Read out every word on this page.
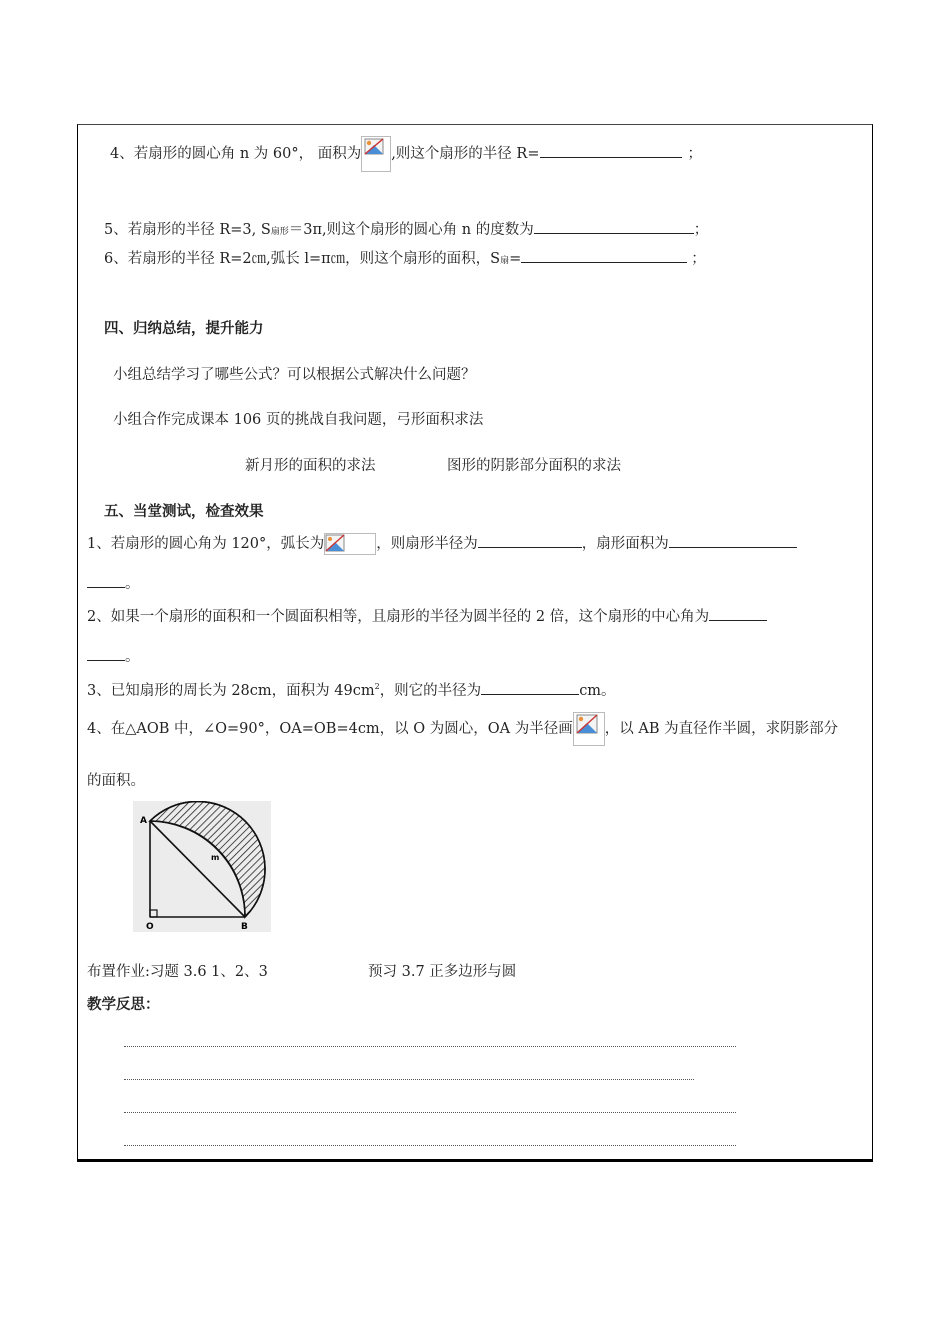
4、若扇形的圆心角 n 为 60°， 面积为 ,则这个扇形的半径 R=	；
5、若扇形的半径 R=3, S扇形＝3π,则这个扇形的圆心角 n 的度数为	；
6、若扇形的半径 R=2㎝,弧长 l=π㎝，则这个扇形的面积，S扇=	；
四、归纳总结，提升能力
小组总结学习了哪些公式？可以根据公式解决什么问题？
小组合作完成课本 106 页的挑战自我问题，弓形面积求法
新月形的面积的求法	图形的阴影部分面积的求法
五、当堂测试，检查效果
1、若扇形的圆心角为 120°，弧长为	，则扇形半径为	，扇形面积为
。
2、如果一个扇形的面积和一个圆面积相等，且扇形的半径为圆半径的 2 倍，这个扇形的中心角为
。
3、已知扇形的周长为 28cm，面积为 $49cm^2$，则它的半径为	cm。
4、在△AOB 中，∠O=90°，OA=OB=4cm，以 O 为圆心，OA 为半径画 ，以 AB 为直径作半圆，求阴影部分
的面积。
A
O	B
m
布置作业:习题 3.6 1、2、3	预习 3.7 正多边形与圆
教学反思：
